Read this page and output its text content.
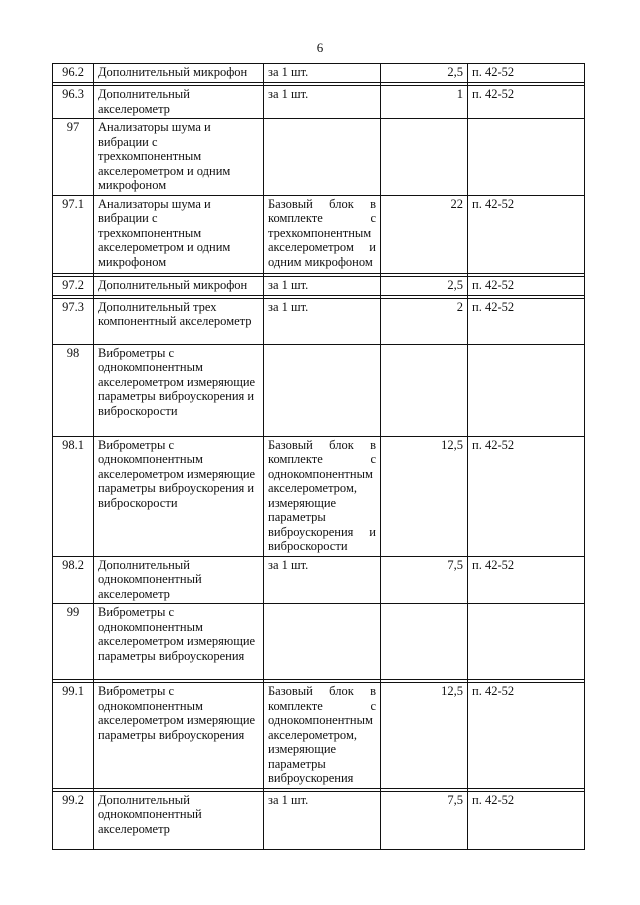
6
96.2	Дополнительный микрофон	за 1 шт.	2,5	п. 42-52

96.3	Дополнительный акселерометр	за 1 шт.	1	п. 42-52
97	Анализаторы шума и вибрации с трехкомпонентным акселерометром и одним микрофоном			
97.1	Анализаторы шума и вибрации с трехкомпонентным акселерометром и одним микрофоном	Базовый блок в комплекте с трехкомпонентным акселерометром и одним микрофоном	22	п. 42-52

97.2	Дополнительный микрофон	за 1 шт.	2,5	п. 42-52

97.3	Дополнительный трех компонентный акселерометр	за 1 шт.	2	п. 42-52
98	Виброметры с однокомпонентным акселерометром измеряющие параметры виброускорения и виброскорости			
98.1	Виброметры с однокомпонентным акселерометром измеряющие параметры виброускорения и виброскорости	Базовый блок в комплекте с однокомпонентным акселерометром, измеряющие параметры виброускорения и виброскорости	12,5	п. 42-52
98.2	Дополнительный однокомпонентный акселерометр	за 1 шт.	7,5	п. 42-52
99	Виброметры с однокомпонентным акселерометром измеряющие параметры виброускорения			

99.1	Виброметры с однокомпонентным акселерометром измеряющие параметры виброускорения	Базовый блок в комплекте с однокомпонентным акселерометром, измеряющие параметры виброускорения	12,5	п. 42-52

99.2	Дополнительный однокомпонентный акселерометр	за 1 шт.	7,5	п. 42-52
